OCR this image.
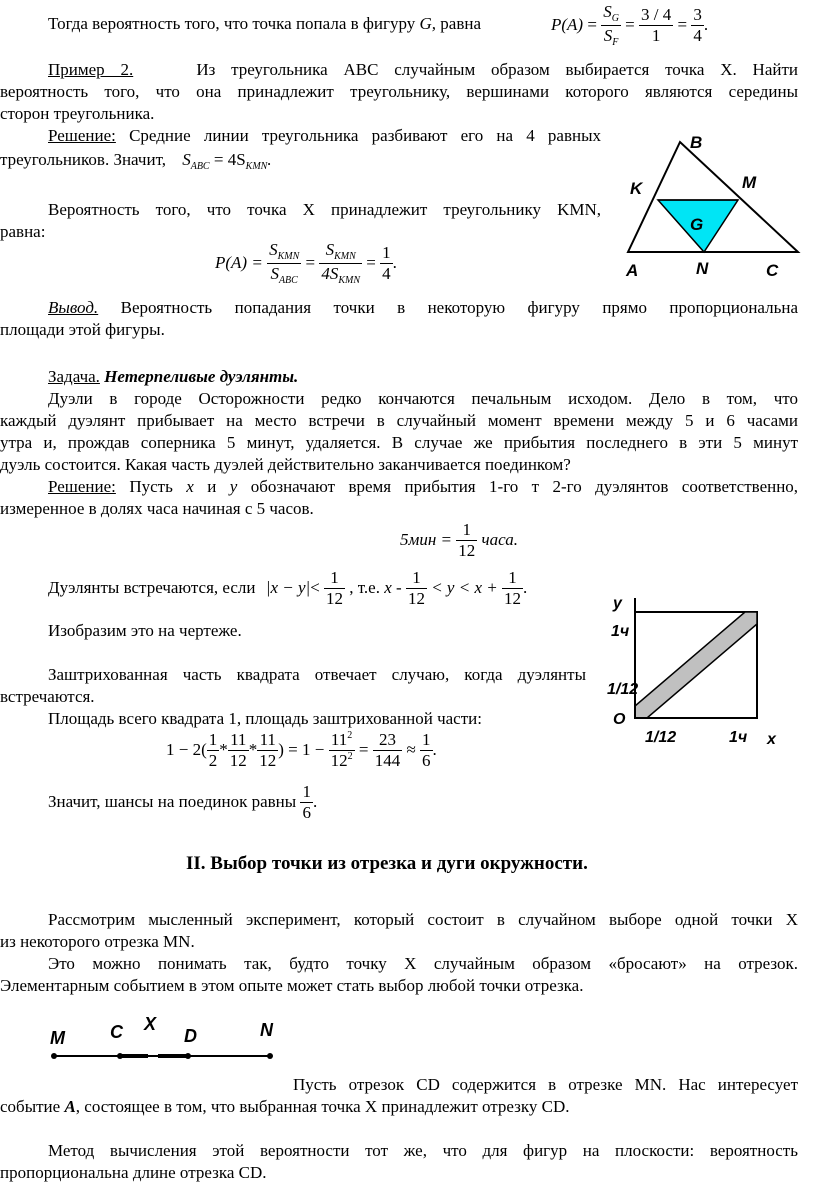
Тогда вероятность того, что точка попала в фигуру G, равна	$P(A) = \frac{S_G}{S_F} = \frac{3 / 4}{1} = \frac{3}{4}$ .
Пример 2.	Из треугольника ABC случайным образом выбирается точка X. Найти
вероятность того, что она принадлежит треугольнику, вершинами которого являются середины
сторон треугольника.
Решение: Средние линии треугольника разбивают его на 4 равных
треугольников. Значит, $S_{ABC} = 4S_{KMN}$.
Вероятность того, что точка X принадлежит треугольнику KMN,
равна:
$P(A) = \frac{S_{KMN}}{S_{ABC}} = \frac{S_{KMN}}{4S_{KMN}} = \frac{1}{4}$ .
B
K	M
G
A	N	C
Вывод. Вероятность попадания точки в некоторую фигуру прямо пропорциональна
площади этой фигуры.
Задача. Нетерпеливые дуэлянты.
Дуэли в городе Осторожности редко кончаются печальным исходом. Дело в том, что
каждый дуэлянт прибывает на место встречи в случайный момент времени между 5 и 6 часами
утра и, прождав соперника 5 минут, удаляется. В случае же прибытия последнего в эти 5 минут
дуэль состоится. Какая часть дуэлей действительно заканчивается поединком?
Решение: Пусть x и y обозначают время прибытия 1-го т 2-го дуэлянтов соответственно,
измеренное в долях часа начиная с 5 часов.
$5мин = \frac{1}{12}$ часа.
Дуэлянты встречаются, если $|x - y|< \frac{1}{12}$ , т.е. $x - \frac{1}{12} < y < x + \frac{1}{12}$ .
Изобразим это на чертеже.
Заштрихованная часть квадрата отвечает случаю, когда дуэлянты
встречаются.
Площадь всего квадрата 1, площадь заштрихованной части:
$1 - 2( \frac{1}{2} * \frac{11}{12} * \frac{11}{12}$ ) = $1 - \frac{11^2}{12^2} = \frac{23}{144} \approx \frac{1}{6}$ .
Значит, шансы на поединок равны $\frac{1}{6}$ .
y
1ч
1/12
O
1/12	1ч x
II. Выбор точки из отрезка и дуги окружности.
Рассмотрим мысленный эксперимент, который состоит в случайном выборе одной точки X
из некоторого отрезка MN.
Это можно понимать так, будто точку X случайным образом «бросают» на отрезок.
Элементарным событием в этом опыте может стать выбор любой точки отрезка.
M	C X
D	N
Пусть отрезок CD содержится в отрезке MN. Нас интересует
событие A, состоящее в том, что выбранная точка X принадлежит отрезку CD.
Метод вычисления этой вероятности тот же, что для фигур на плоскости: вероятность
пропорциональна длине отрезка CD.
